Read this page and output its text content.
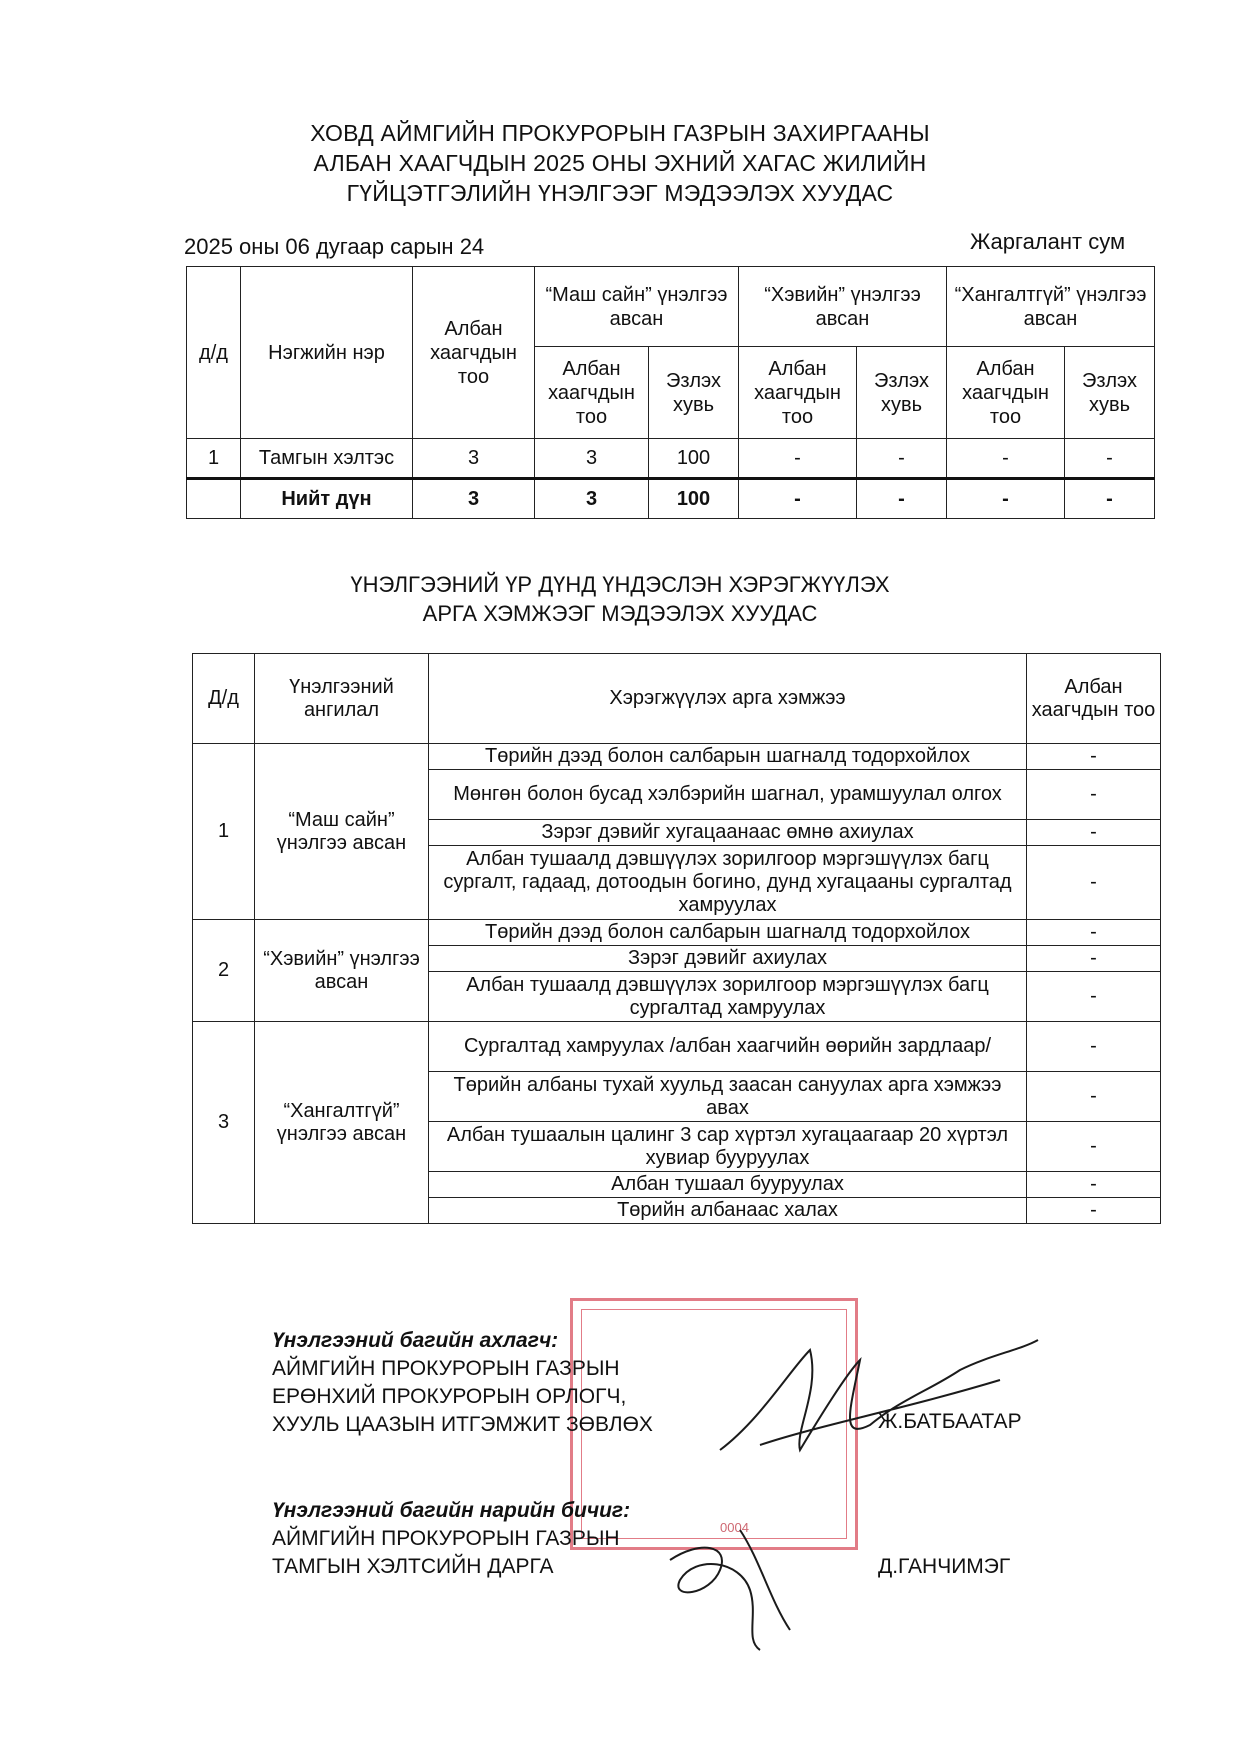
ХОВД АЙМГИЙН ПРОКУРОРЫН ГАЗРЫН ЗАХИРГААНЫ
АЛБАН ХААГЧДЫН 2025 ОНЫ ЭХНИЙ ХАГАС ЖИЛИЙН
ГҮЙЦЭТГЭЛИЙН ҮНЭЛГЭЭГ МЭДЭЭЛЭХ ХУУДАС
2025 оны 06 дугаар сарын 24	Жаргалант сум
д/д	Нэгжийн нэр	Албан хаагчдын тоо	“Маш сайн” үнэлгээ авсан		“Хэвийн” үнэлгээ авсан		“Хангалтгүй” үнэлгээ авсан	
			Албан хаагчдын тоо	Эзлэх хувь	Албан хаагчдын тоо	Эзлэх хувь	Албан хаагчдын тоо	Эзлэх хувь
1	Тамгын хэлтэс	3	3	100	-	-	-	-
	Нийт дүн	3	3	100	-	-	-	-
ҮНЭЛГЭЭНИЙ ҮР ДҮНД ҮНДЭСЛЭН ХЭРЭГЖҮҮЛЭХ
АРГА ХЭМЖЭЭГ МЭДЭЭЛЭХ ХУУДАС
Д/д	Үнэлгээний ангилал	Хэрэгжүүлэх арга хэмжээ	Албан хаагчдын тоо
1	“Маш сайн” үнэлгээ авсан	Төрийн дээд болон салбарын шагналд тодорхойлох	-
		Мөнгөн болон бусад хэлбэрийн шагнал, урамшуулал олгох	-
		Зэрэг дэвийг хугацаанаас өмнө ахиулах	-
		Албан тушаалд дэвшүүлэх зорилгоор мэргэшүүлэх багц сургалт, гадаад, дотоодын богино, дунд хугацааны сургалтад хамруулах	-
2	“Хэвийн” үнэлгээ авсан	Төрийн дээд болон салбарын шагналд тодорхойлох	-
		Зэрэг дэвийг ахиулах	-
		Албан тушаалд дэвшүүлэх зорилгоор мэргэшүүлэх багц сургалтад хамруулах	-
3	“Хангалтгүй” үнэлгээ авсан	Сургалтад хамруулах /албан хаагчийн өөрийн зардлаар/	-
		Төрийн албаны тухай хуульд заасан сануулах арга хэмжээ авах	-
		Албан тушаалын цалинг 3 сар хүртэл хугацаагаар 20 хүртэл хувиар бууруулах	-
		Албан тушаал бууруулах	-
		Төрийн албанаас халах	-
0004
Үнэлгээний багийн ахлагч:
АЙМГИЙН ПРОКУРОРЫН ГАЗРЫН
ЕРӨНХИЙ ПРОКУРОРЫН ОРЛОГЧ,
ХУУЛЬ ЦААЗЫН ИТГЭМЖИТ ЗӨВЛӨХ	Ж.БАТБААТАР
Үнэлгээний багийн нарийн бичиг:
АЙМГИЙН ПРОКУРОРЫН ГАЗРЫН
ТАМГЫН ХЭЛТСИЙН ДАРГА	Д.ГАНЧИМЭГ
